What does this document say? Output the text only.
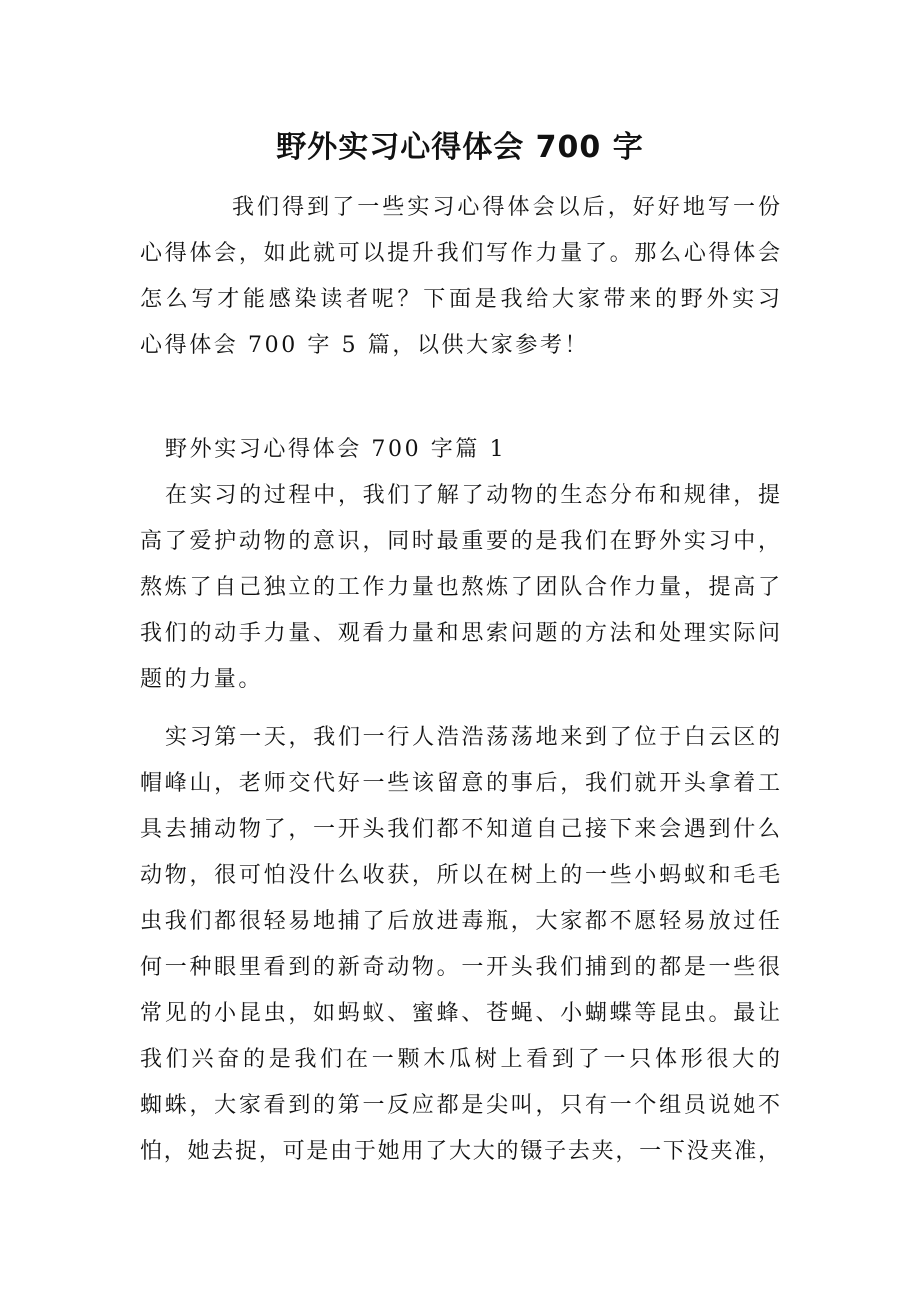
野外实习心得体会 700 字
我们得到了一些实习心得体会以后，好好地写一份
心得体会，如此就可以提升我们写作力量了。那么心得体会
怎么写才能感染读者呢？下面是我给大家带来的野外实习
心得体会 700 字 5 篇，以供大家参考！
野外实习心得体会 700 字篇 1
在实习的过程中，我们了解了动物的生态分布和规律，提
高了爱护动物的意识，同时最重要的是我们在野外实习中，
熬炼了自己独立的工作力量也熬炼了团队合作力量，提高了
我们的动手力量、观看力量和思索问题的方法和处理实际问
题的力量。
实习第一天，我们一行人浩浩荡荡地来到了位于白云区的
帽峰山，老师交代好一些该留意的事后，我们就开头拿着工
具去捕动物了，一开头我们都不知道自己接下来会遇到什么
动物，很可怕没什么收获，所以在树上的一些小蚂蚁和毛毛
虫我们都很轻易地捕了后放进毒瓶，大家都不愿轻易放过任
何一种眼里看到的新奇动物。一开头我们捕到的都是一些很
常见的小昆虫，如蚂蚁、蜜蜂、苍蝇、小蝴蝶等昆虫。最让
我们兴奋的是我们在一颗木瓜树上看到了一只体形很大的
蜘蛛，大家看到的第一反应都是尖叫，只有一个组员说她不
怕，她去捉，可是由于她用了大大的镊子去夹，一下没夹准，
